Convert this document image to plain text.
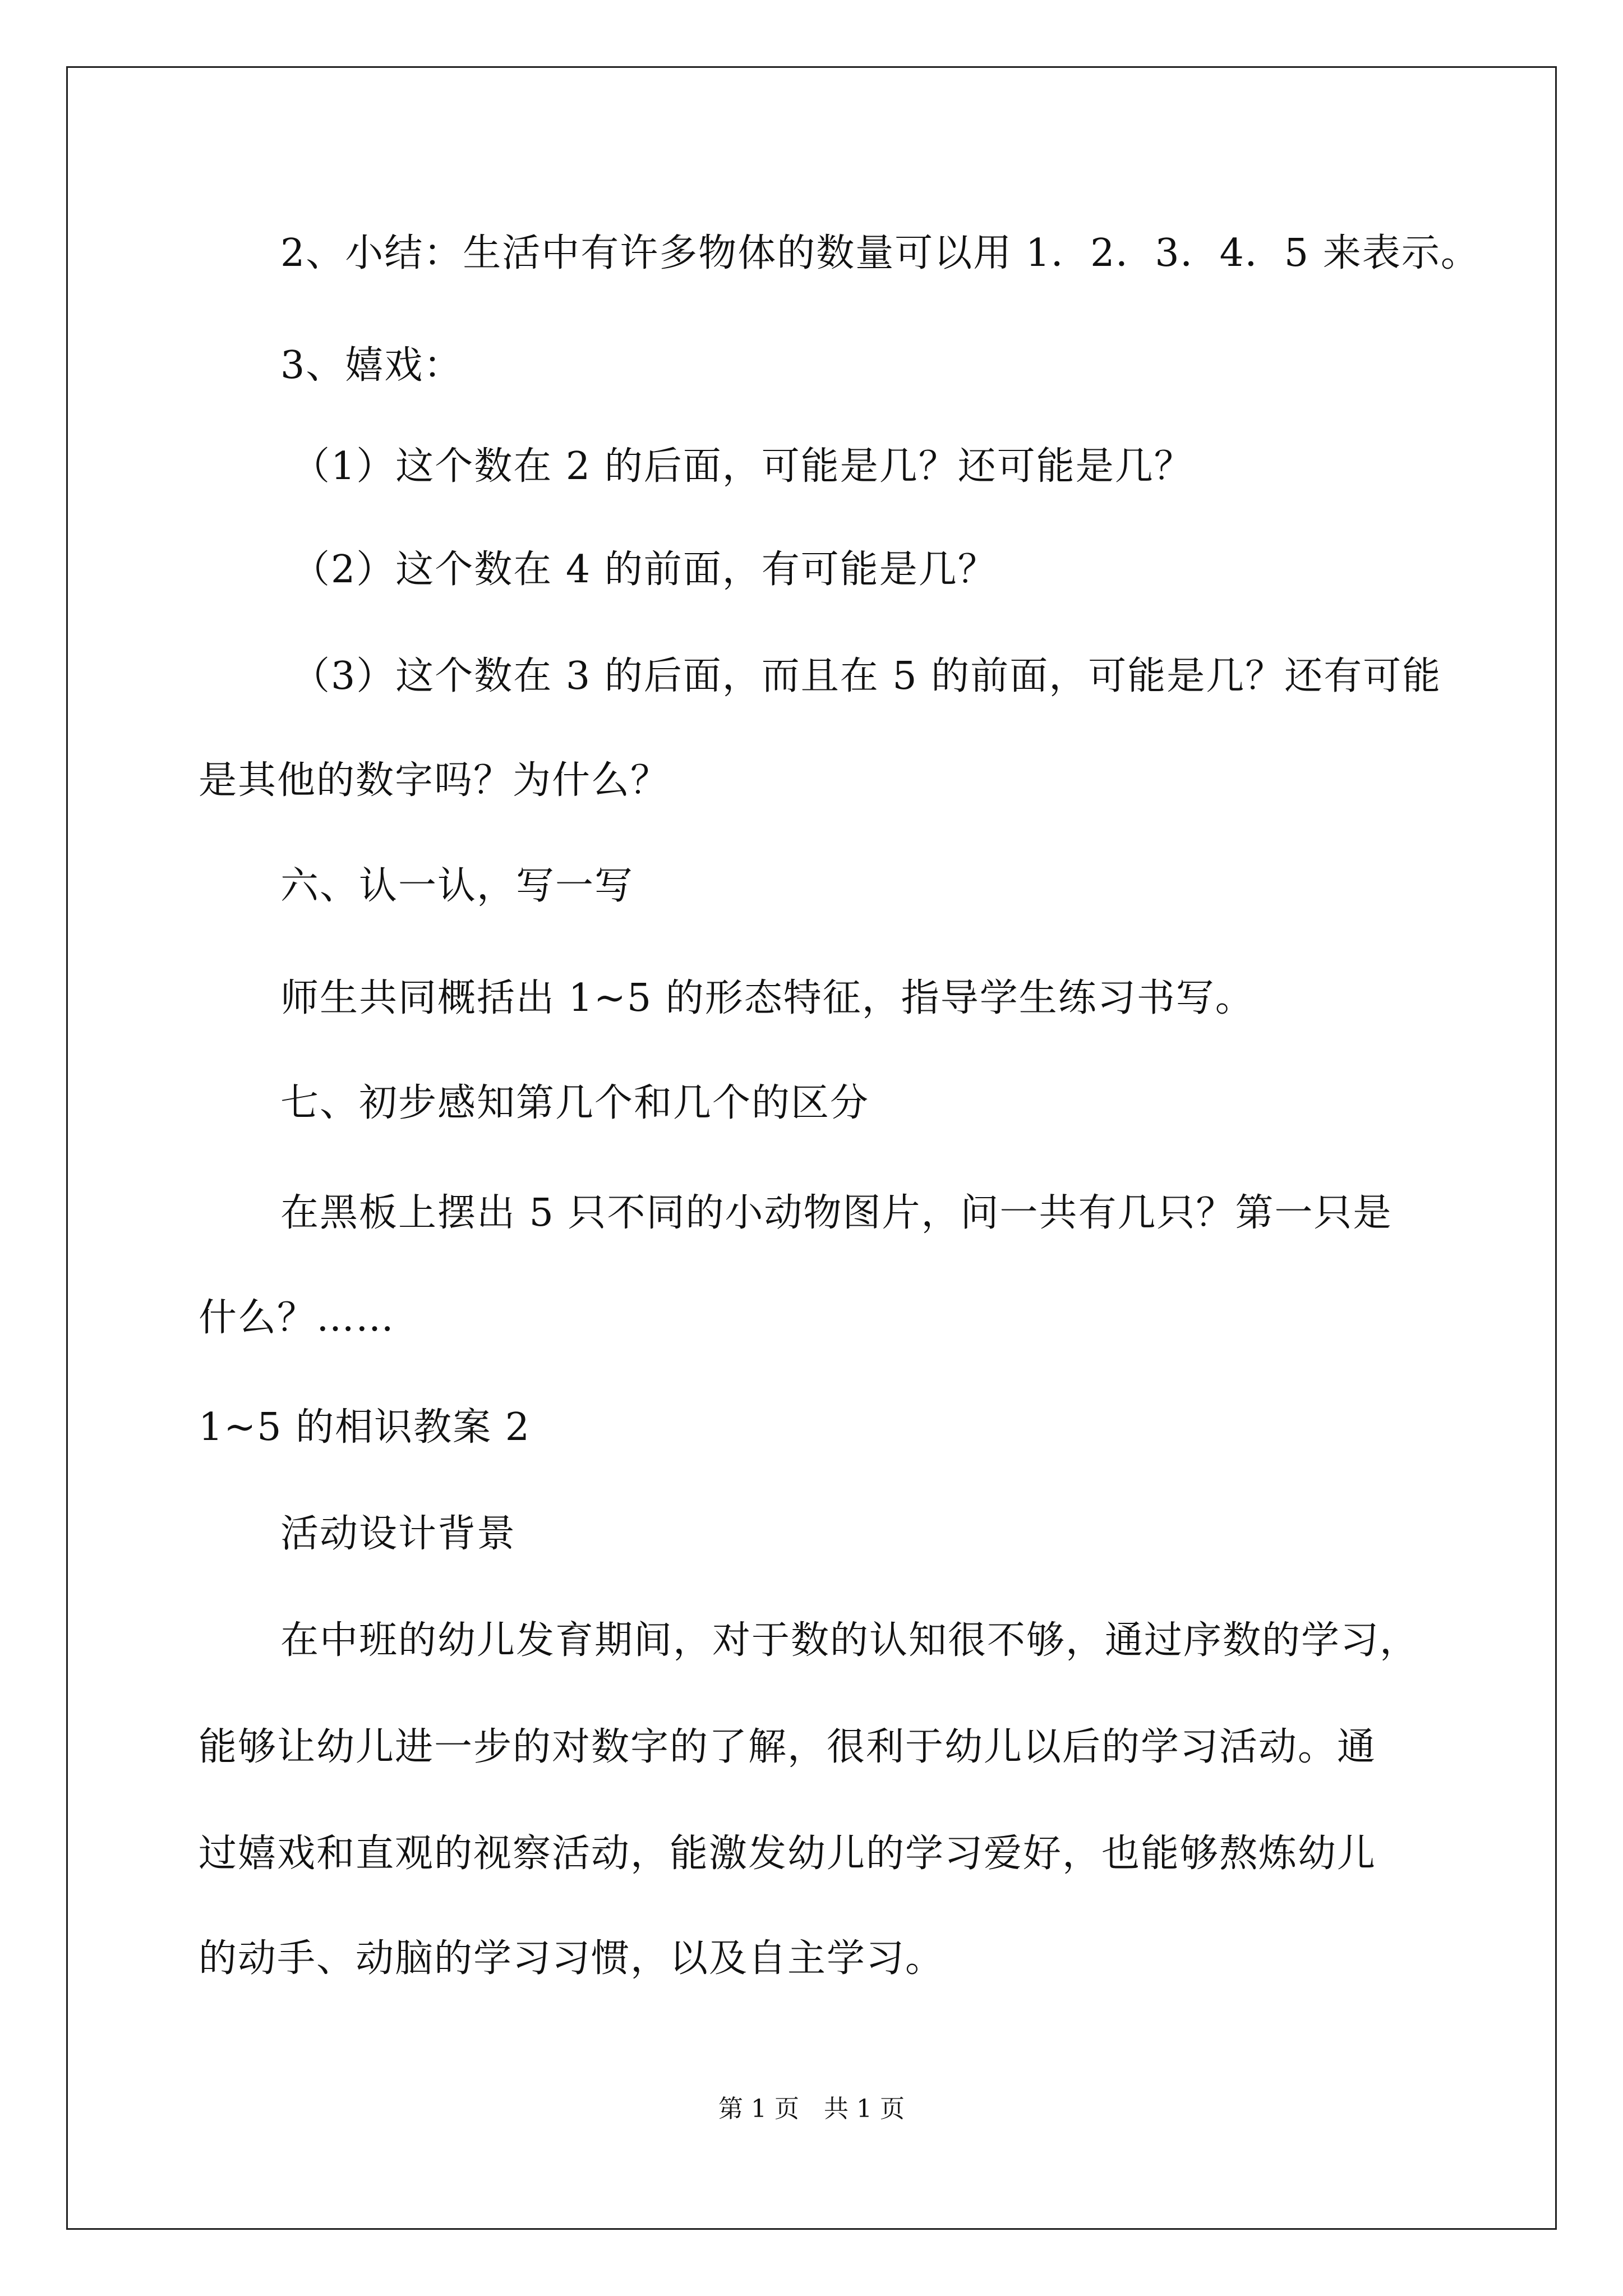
2、小结：生活中有许多物体的数量可以用 1．2．3．4．5 来表示。
3、嬉戏：
（1）这个数在 2 的后面，可能是几？还可能是几？
（2）这个数在 4 的前面，有可能是几？
（3）这个数在 3 的后面，而且在 5 的前面，可能是几？还有可能
是其他的数字吗？为什么？
六、认一认，写一写
师生共同概括出 1~5 的形态特征，指导学生练习书写。
七、初步感知第几个和几个的区分
在黑板上摆出 5 只不同的小动物图片，问一共有几只？第一只是
什么？……
1~5 的相识教案 2
活动设计背景
在中班的幼儿发育期间，对于数的认知很不够，通过序数的学习，
能够让幼儿进一步的对数字的了解，很利于幼儿以后的学习活动。通
过嬉戏和直观的视察活动，能激发幼儿的学习爱好，也能够熬炼幼儿
的动手、动脑的学习习惯，以及自主学习。
第 1 页　共 1 页
